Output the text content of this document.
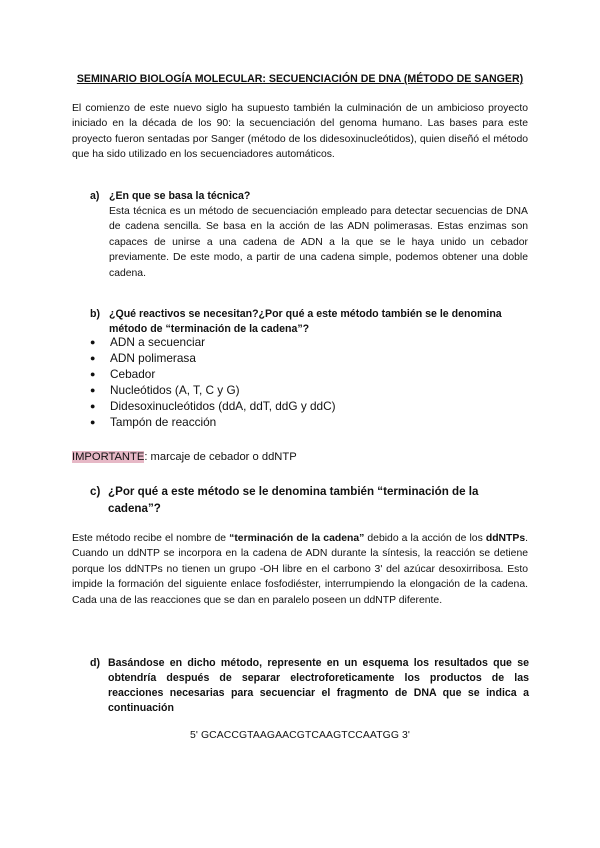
SEMINARIO BIOLOGÍA MOLECULAR: SECUENCIACIÓN DE DNA (MÉTODO DE SANGER)
El comienzo de este nuevo siglo ha supuesto también la culminación de un ambicioso proyecto iniciado en la década de los 90: la secuenciación del genoma humano. Las bases para este proyecto fueron sentadas por Sanger (método de los didesoxinucleótidos), quien diseñó el método que ha sido utilizado en los secuenciadores automáticos.
a) ¿En que se basa la técnica?
Esta técnica es un método de secuenciación empleado para detectar secuencias de DNA de cadena sencilla. Se basa en la acción de las ADN polimerasas. Estas enzimas son capaces de unirse a una cadena de ADN a la que se le haya unido un cebador previamente. De este modo, a partir de una cadena simple, podemos obtener una doble cadena.
b) ¿Qué reactivos se necesitan?¿Por qué a este método también se le denomina método de “terminación de la cadena”?
● ADN a secuenciar
● ADN polimerasa
● Cebador
● Nucleótidos (A, T, C y G)
● Didesoxinucleótidos (ddA, ddT, ddG y ddC)
● Tampón de reacción
IMPORTANTE: marcaje de cebador o ddNTP
c) ¿Por qué a este método se le denomina también “terminación de la cadena”?
Este método recibe el nombre de “terminación de la cadena” debido a la acción de los ddNTPs. Cuando un ddNTP se incorpora en la cadena de ADN durante la síntesis, la reacción se detiene porque los ddNTPs no tienen un grupo -OH libre en el carbono 3' del azúcar desoxirribosa. Esto impide la formación del siguiente enlace fosfodiéster, interrumpiendo la elongación de la cadena. Cada una de las reacciones que se dan en paralelo poseen un ddNTP diferente.
d) Basándose en dicho método, represente en un esquema los resultados que se obtendría después de separar electroforeticamente los productos de las reacciones necesarias para secuenciar el fragmento de DNA que se indica a continuación
5' GCACCGTAAGAACGTCAAGTCCAATGG 3'
